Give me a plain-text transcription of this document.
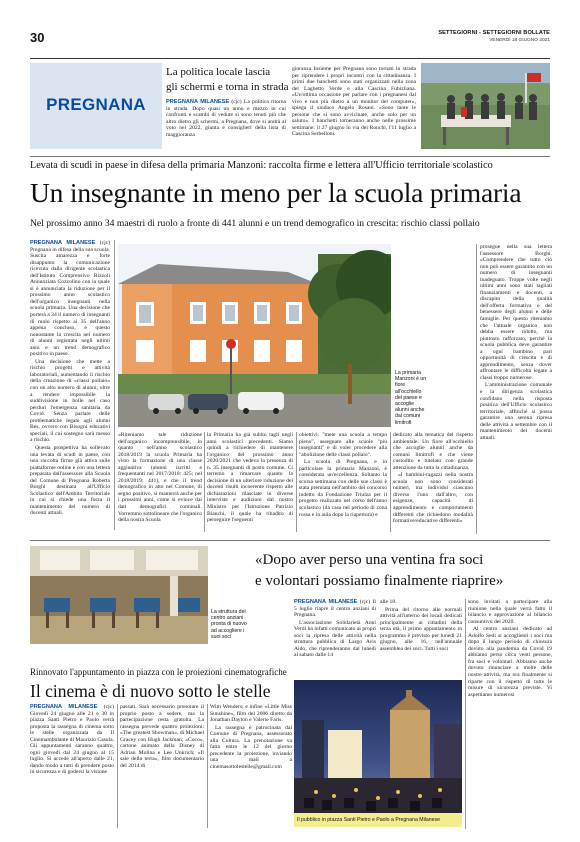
30	SETTEGIORNI - SETTEGIORNI BOLLATE
VENERDÌ 18 GIUGNO 2021
PREGNANA
La politica locale lascia
gli schermi e torna in strada

PREGNANA MILANESE (cjc) La politica ritorna in strada. Dopo quasi un anno e mezzo in cui confronti e scambi di vedute si sono tenuti più che altro dietro gli schermi, a Pregnana, dove si andrà al voto nel 2022, giunta e consiglieri della lista di maggioranza

gioranza Insieme per Pregnana sono tornati in strada per riprendere i propri incontri con la cittadinanza. I primi due banchetti sono stati organizzati nella zona del Laghetto Verde e alla Cascina Fubizliana. «Un'ottima occasione per parlare con i pregnanesi dal vivo e non più dietro a un monitor del computer», spiega il sindaco Angelo Rosani. «Sono tante le persone che si sono avvicinate, anche solo per un saluto». I banchetti torneranno anche nelle prossime settimane: il 27 giugno in via dei Ronchi, l'11 luglio a Cascina Serbelloni.

Levata di scudi in paese in difesa della primaria Manzoni: raccolta firme e lettera all'Ufficio territoriale scolastico
Un insegnante in meno per la scuola primaria
Nel prossimo anno 34 maestri di ruolo a fronte di 441 alunni e un trend demografico in crescita: rischio classi pollaio

PREGNANA MILANESE (cjc) Pregnana in difesa della sua scuola. Suscita amarezza e forte disappunto la comunicazione ricevuta dalla dirigente scolastica dell'Istituto Comprensivo Rizzoli Annunziata Cozzolino con la quale si è annunciata la riduzione per il prossimo anno scolastico dell'organico insegnanti nella scuola primaria. Una decisione che porterà a 34 il numero di insegnanti di ruolo rispetto ai 35 dell'anno appena concluso, e questo nonostante la crescita nel numero di alunni registrata negli ultimi anni e un trend demografico positivo in paese.

Una decisione che mette a rischio progetti e attività laboratoriali, aumentando il rischio della creazione di «classi pollaio» con un alto numero di alunni, oltre a rendere impossibile la suddivisione in bolle nel caso perduri l'emergenza sanitaria da Covid. Senza parlare delle problematiche legate agli alunni Bes, ovvero con Bisogni educativi speciali, il cui sostegno sarà messo a rischio.

Questa prospettiva ha sollevato una levata di scudi in paese, con una raccolta firme già attiva sulle piattaforme online e con una lettera preparata dall'assessore alla Scuola del Comune di Pregnana Roberta Borghi destinata all'Ufficio Scolastico dell'Ambito Territoriale in cui si chiede una forza il mantenimento del numero di docenti attuali.

La primaria Manzoni è un fiore all'occhiello del paese e accoglie alunni anche dai comuni limitrofi

«Riteniamo tale riduzione dell'organico incomprensibile, in quanto nell'anno scolastico 2018/2019 la scuola Primaria ha visto la formazione di una classe aggiuntiva (alunni iscritti e frequentanti nel 2017/2018: 425; nel 2018/2019: 441), e che il trend demografico in atto nel Comune, di segno positivo, si manterrà anche per i prossimi anni, come si evince dai dati demografici comunali. Vorremmo sottolineare che l'organico della nostra Scuola

la Primaria ha già subito tagli negli anni scolastici precedenti. Siamo quindi a richiedere di mantenere l'organico del prossimo anno 2020/2021 che vedeva la presenza di n. 35 insegnanti di posto comune. Ci terremo a rimarcare quanto la decisione di un ulteriore riduzione dei docenti risulti incoerente rispetto alle dichiarazioni rilasciate in diverse interviste e audizioni dal nostro Ministro per l'Istruzione Patrizio Bianchi, il quale ha ribadito di perseguire l'seguenti

obiettivi: "mete una scuola a tempo pieno", assegnare alle scuole "più insegnanti" e di voler procedere alla "abolizione delle classi pollaio".

La scuola di Pregnana, e in particolare la primaria Manzoni, è considerata un'eccellenza. Soltanto la scorsa settimana con delle sue classi è stata premiata nell'ambito del concorso indetto da Fondazione Triulza per il progetto realizzato nel corso dell'anno scolastico (da casa nel periodo di zona rossa e in aula dopo la riapertura) e

dedicato alla tematica del rispetto ambientale. Un fiore all'occhiello che accoglie alunni anche da comuni limitrofi e che viene custodito e tutelato con grande attenzione da tutta la cittadinanza.

«I bambini-ragazzi nella nostra scuola non sono considerati numeri, ma individui ciascuno diverso l'uno dall'altro, con esigenze, capacità di apprendimento e comportamenti differenti che richiedono modalità formative/educative differenti»

prosegue nella sua lettera l'assessore Borghi. «Comprendere che tutto ciò non può essere garantito con un numero di insegnanti inadeguato. Troppe volte negli ultimi anni sono stati tagliati finanziamenti e docenti, a discapito della qualità dell'offerta formativa e del benessere degli alunni e delle famiglie. Per questo riteniamo che l'attuale organico non debba essere ridotto, ma piuttosto rafforzato, perché la scuola pubblica deve garantire a ogni bambino pari opportunità di crescita e di apprendimento, senza dover affrontare le difficoltà legate a classi troppo numerose.

L'amministrazione comunale e la dirigenza scolastica confidano nella risposta positiva dell'Ufficio scolastico territoriale, affinché si possa garantire una serena ripresa delle attività a settembre con il mantenimento dei docenti attuali.

La struttura del centro anziani pronta di nuovo ad accogliere i suoi soci
«Dopo aver perso una ventina fra soci
e volontari possiamo finalmente riaprire»

PREGNANA MILANESE (cjc) Il 5 luglio riapre il centro anziani di Pregnana.

L'associazione Solidarietà Anni Verdi ha infatti comunicato ai propri soci la ripresa delle attività nella struttura pubblica di Largo Avis Aido, che riprenderanno dal lunedì al sabato dalle 14

alle 18.

Prima del ritorno alle normali attività all'interno dei locali dedicati principalmente ai cittadini della terza età, il primo appuntamento in programma è previsto per lunedì 21 giugno, alle 16, nell'annuale assemblea dei soci. Tutti i soci

sono invitati a partecipare alla riunione nella quale verrà fatto il bilancio e approvazione al bilancio consuntivo del 2020.

Al centro anziani dedicato ad Adolfo Sedi si accoglienti i soci ma dopo il lungo periodo di chiusura dovuto alla pandemia da Covid 19 abbiamo perso circa venti persone, fra soci e volontari. Abbiamo anche dovuto rinunciare a molte delle nostre attività, ma ora finalmente si riparte con il rispetto di tutte le misure di sicurezza previste. Vi aspettiamo numerosi

Rinnovato l'appuntamento in piazza con le proiezioni cinematografiche
Il cinema è di nuovo sotto le stelle

PREGNANA MILANESE (cjc) Giovedì 24 giugno alle 21 e 30 in piazza Santi Pietro e Paolo verrà proposta la rassegna di cinema sotto le stelle organizzata da Il Cinemambulante di Maurizio Casula. Gli appuntamenti saranno quattro, ogni giovedì dal 24 giugno al 15 luglio. Si accede all'aperto dalle 21, dando modo a tutti di prendere posto in sicurezza e di godersi la visione

passati. Sarà necessario prenotare il proprio posto a sedere, ma la partecipazione resta gratuita. La rassegna prevede quattro proiezioni: «The greatest Showman», di Michael Gracey con Hugh Jackman; «Coco», cartone animato della Disney di Adrian Molina e Lee Unkrich; «Il sale della terra», film documentario del 2014 di

Wim Wenders; e infine «Little Miss Sunshine», film del 2006 diretto da Jonathan Dayton e Valerie Faris.

La rassegna è patrocinata dal Comune di Pregnana, assessorato alla Cultura. La prenotazione va fatta entro le 12 del giorno precedente la proiezione, inviando una mail a cinemasottolestelle@gmail.com

Il pubblico in piazza Santi Pietro e Paolo a Pregnana Milanese
